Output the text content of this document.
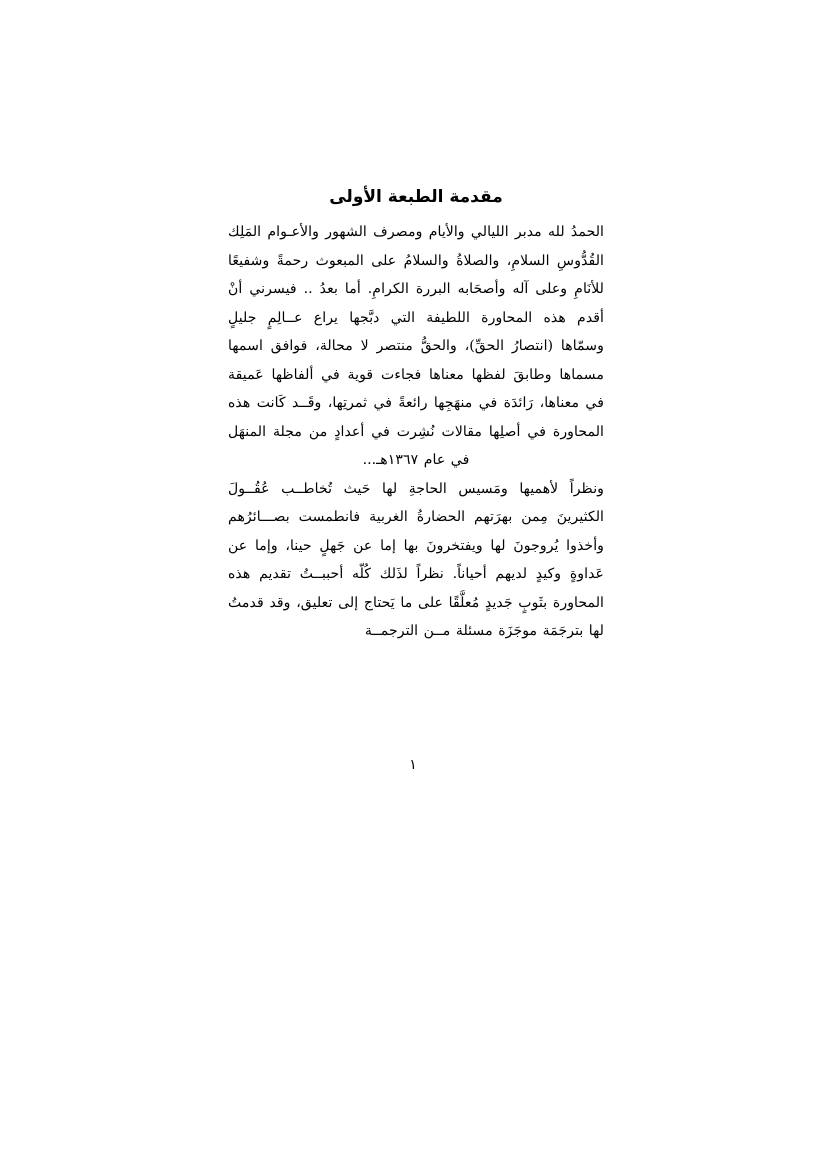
مقدمة الطبعة الأولى

الحمدُ لله مدبر الليالي والأيام ومصرف الشهور والأعـوام المَلِك القُدُّوسِ السلامِ، والصلاةُ والسلامُ على المبعوث رحمةً وشفيعًا للأنَامِ وعلى آله وأصحَابه البررة الكرامِ. أما بعدُ .. فيسرني أنْ أقدم هذه المحاورة اللطيفة التي دبَّجها يراع عــالِمٍ جليلٍ وسمّاها (انتصارُ الحقِّ)، والحقُّ منتصر لا محالة، فوافق اسمها مسماها وطابقَ لفظها معناها فجاءت قوية في ألفاظها عَميقة في معناها، رَائدَة في منهَجِها رائعةً في ثمرتِها، وقَــد كَانت هذه المحاورة في أصلِها مقالات نُشِرت في أعدادٍ من مجلة المنهَل في عام ١٣٦٧هـ...

ونظراً لأهميها ومَسيس الحاجةِ لها حَيث تُخاطــب عُقُــولَ الكثيرينَ مِمن بهرَتهم الحضارةُ الغربية فانطمست بصـــائرُهم وأخذوا يُروجونَ لها ويفتخرونَ بها إما عن جَهلٍ حينا، وإما عن عَداوةٍ وكيدٍ لديهم أحياناً. نظراً لذَلك كُلّه أحببــتُ تقديم هذه المحاورة بثَوبٍ جَديدٍ مُعلَّقًا على ما يَحتاج إلى تعليق، وقد قدمتُ لها بترجَمَة موجَزَة مسئلة مــن الترجمــة

١
